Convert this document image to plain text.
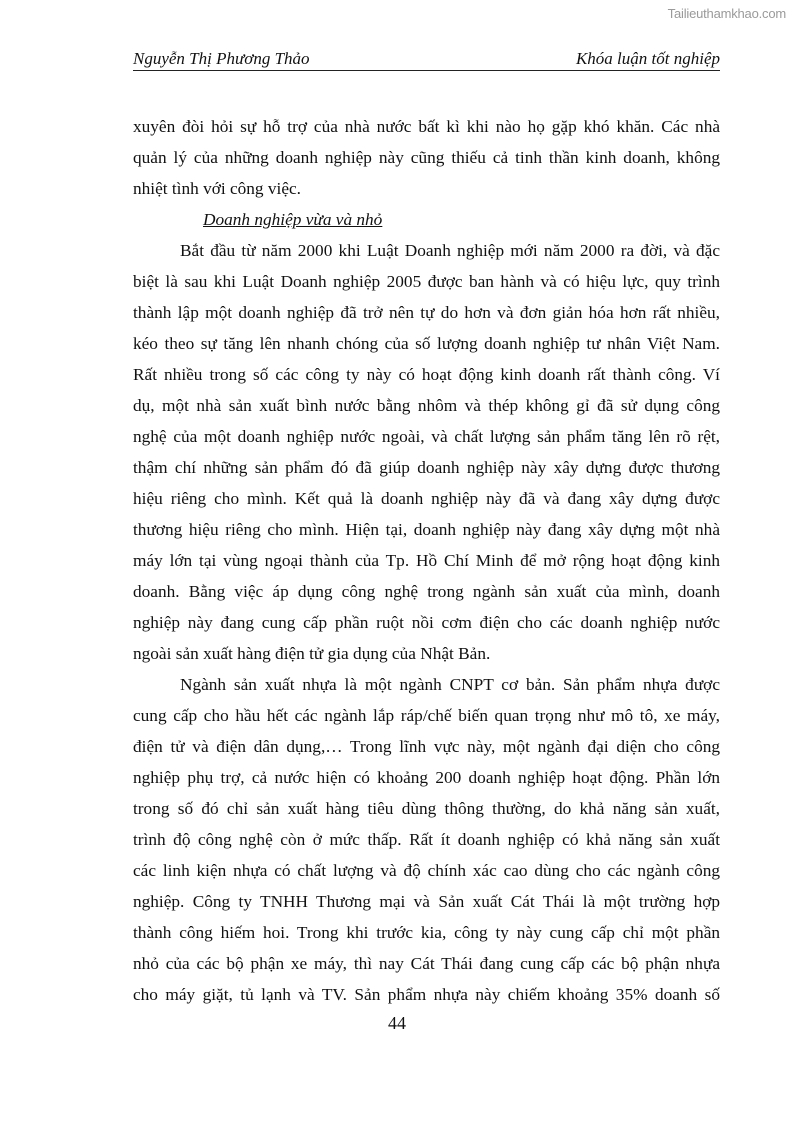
Tailieuthamkhao.com
Nguyễn Thị Phương Thảo	Khóa luận tốt nghiệp
xuyên đòi hỏi sự hỗ trợ của nhà nước bất kì khi nào họ gặp khó khăn. Các nhà
quản lý của những doanh nghiệp này cũng thiếu cả tinh thần kinh doanh, không
nhiệt tình với công việc.
Doanh nghiệp vừa và nhỏ
Bắt đầu từ năm 2000 khi Luật Doanh nghiệp mới năm 2000 ra đời, và đặc
biệt là sau khi Luật Doanh nghiệp 2005 được ban hành và có hiệu lực, quy trình
thành lập một doanh nghiệp đã trở nên tự do hơn và đơn giản hóa hơn rất nhiều,
kéo theo sự tăng lên nhanh chóng của số lượng doanh nghiệp tư nhân Việt Nam.
Rất nhiều trong số các công ty này có hoạt động kinh doanh rất thành công. Ví
dụ, một nhà sản xuất bình nước bằng nhôm và thép không gỉ đã sử dụng công
nghệ của một doanh nghiệp nước ngoài, và chất lượng sản phẩm tăng lên rõ rệt,
thậm chí những sản phẩm đó đã giúp doanh nghiệp này xây dựng được thương
hiệu riêng cho mình. Kết quả là doanh nghiệp này đã và đang xây dựng được
thương hiệu riêng cho mình. Hiện tại, doanh nghiệp này đang xây dựng một nhà
máy lớn tại vùng ngoại thành của Tp. Hồ Chí Minh để mở rộng hoạt động kinh
doanh. Bằng việc áp dụng công nghệ trong ngành sản xuất của mình, doanh
nghiệp này đang cung cấp phần ruột nồi cơm điện cho các doanh nghiệp nước
ngoài sản xuất hàng điện tử gia dụng của Nhật Bản.
Ngành sản xuất nhựa là một ngành CNPT cơ bản. Sản phẩm nhựa được
cung cấp cho hầu hết các ngành lắp ráp/chế biến quan trọng như mô tô, xe máy,
điện tử và điện dân dụng,… Trong lĩnh vực này, một ngành đại diện cho công
nghiệp phụ trợ, cả nước hiện có khoảng 200 doanh nghiệp hoạt động. Phần lớn
trong số đó chỉ sản xuất hàng tiêu dùng thông thường, do khả năng sản xuất,
trình độ công nghệ còn ở mức thấp. Rất ít doanh nghiệp có khả năng sản xuất
các linh kiện nhựa có chất lượng và độ chính xác cao dùng cho các ngành công
nghiệp. Công ty TNHH Thương mại và Sản xuất Cát Thái là một trường hợp
thành công hiếm hoi. Trong khi trước kia, công ty này cung cấp chỉ một phần
nhỏ của các bộ phận xe máy, thì nay Cát Thái đang cung cấp các bộ phận nhựa
cho máy giặt, tủ lạnh và TV. Sản phẩm nhựa này chiếm khoảng 35% doanh số
44
